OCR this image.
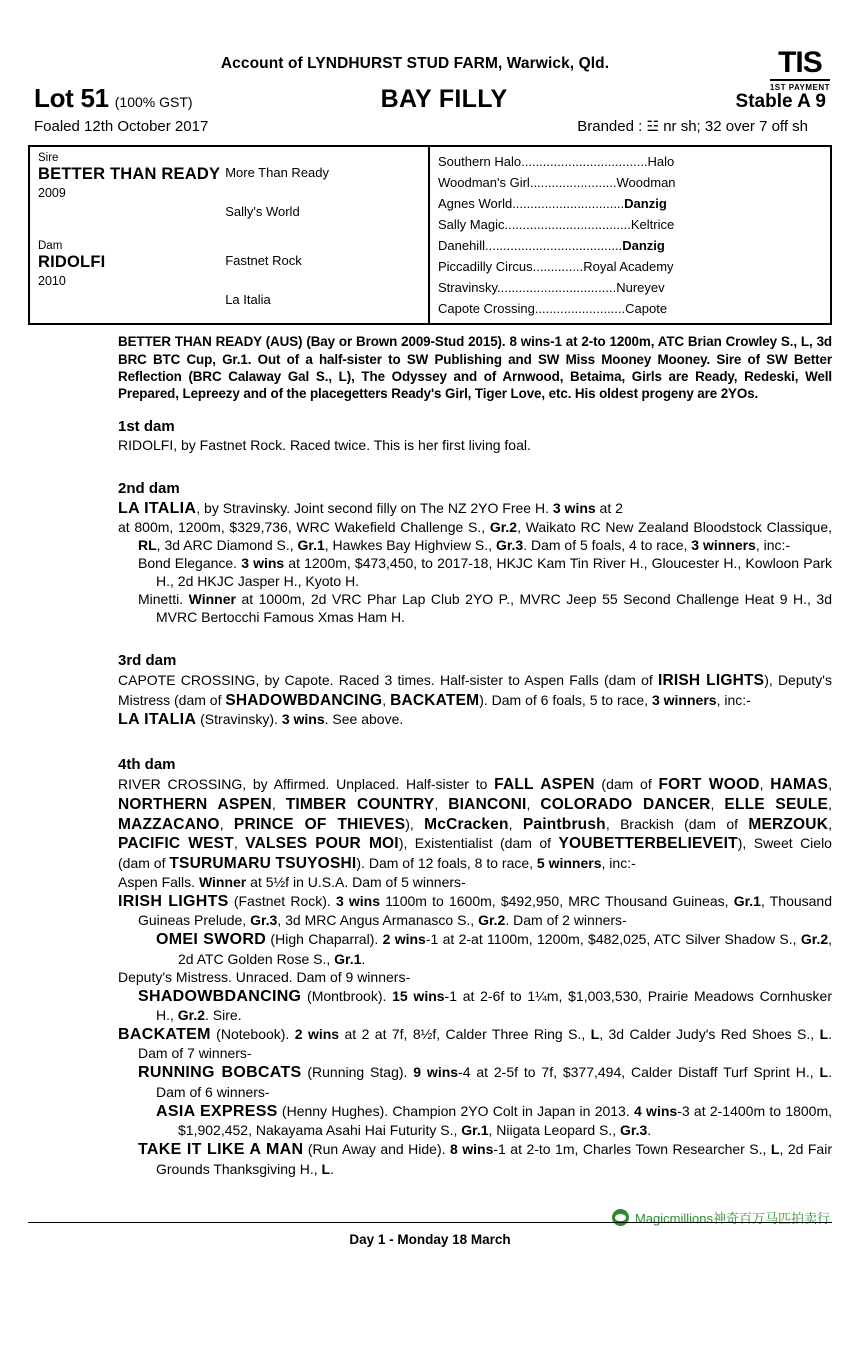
Account of LYNDHURST STUD FARM, Warwick, Qld.	TIS
1ST PAYMENT
Lot 51 (100% GST)	BAY FILLY	Stable A 9
Foaled 12th October 2017	Branded : ☳ nr sh; 32 over 7 off sh
Sire
BETTER THAN READY
2009
More Than Ready
Sally's World
Dam
RIDOLFI
2010
Fastnet Rock
La Italia
Southern Halo...................................Halo
Woodman's Girl........................Woodman
Agnes World...............................Danzig
Sally Magic...................................Keltrice
Danehill......................................Danzig
Piccadilly Circus..............Royal Academy
Stravinsky.................................Nureyev
Capote Crossing.........................Capote
BETTER THAN READY (AUS) (Bay or Brown 2009-Stud 2015). 8 wins-1 at 2-to 1200m, ATC Brian Crowley S., L, 3d BRC BTC Cup, Gr.1. Out of a half-sister to SW Publishing and SW Miss Mooney Mooney. Sire of SW Better Reflection (BRC Calaway Gal S., L), The Odyssey and of Arnwood, Betaima, Girls are Ready, Redeski, Well Prepared, Lepreezy and of the placegetters Ready's Girl, Tiger Love, etc. His oldest progeny are 2YOs.
1st dam
RIDOLFI, by Fastnet Rock. Raced twice. This is her first living foal.
2nd dam
LA ITALIA, by Stravinsky. Joint second filly on The NZ 2YO Free H. 3 wins at 2
at 800m, 1200m, $329,736, WRC Wakefield Challenge S., Gr.2, Waikato RC New Zealand Bloodstock Classique, RL, 3d ARC Diamond S., Gr.1, Hawkes Bay Highview S., Gr.3. Dam of 5 foals, 4 to race, 3 winners, inc:-
Bond Elegance. 3 wins at 1200m, $473,450, to 2017-18, HKJC Kam Tin River H., Gloucester H., Kowloon Park H., 2d HKJC Jasper H., Kyoto H.
Minetti. Winner at 1000m, 2d VRC Phar Lap Club 2YO P., MVRC Jeep 55 Second Challenge Heat 9 H., 3d MVRC Bertocchi Famous Xmas Ham H.
3rd dam
CAPOTE CROSSING, by Capote. Raced 3 times. Half-sister to Aspen Falls (dam of IRISH LIGHTS), Deputy's Mistress (dam of SHADOWBDANCING, BACKATEM). Dam of 6 foals, 5 to race, 3 winners, inc:-
LA ITALIA (Stravinsky). 3 wins. See above.
4th dam
RIVER CROSSING, by Affirmed. Unplaced. Half-sister to FALL ASPEN (dam of FORT WOOD, HAMAS, NORTHERN ASPEN, TIMBER COUNTRY, BIANCONI, COLORADO DANCER, ELLE SEULE, MAZZACANO, PRINCE OF THIEVES), McCracken, Paintbrush, Brackish (dam of MERZOUK, PACIFIC WEST, VALSES POUR MOI), Existentialist (dam of YOUBETTERBELIEVEIT), Sweet Cielo (dam of TSURUMARU TSUYOSHI). Dam of 12 foals, 8 to race, 5 winners, inc:-
Aspen Falls. Winner at 5½f in U.S.A. Dam of 5 winners-
IRISH LIGHTS (Fastnet Rock). 3 wins 1100m to 1600m, $492,950, MRC Thousand Guineas, Gr.1, Thousand Guineas Prelude, Gr.3, 3d MRC Angus Armanasco S., Gr.2. Dam of 2 winners-
OMEI SWORD (High Chaparral). 2 wins-1 at 2-at 1100m, 1200m, $482,025, ATC Silver Shadow S., Gr.2, 2d ATC Golden Rose S., Gr.1.
Deputy's Mistress. Unraced. Dam of 9 winners-
SHADOWBDANCING (Montbrook). 15 wins-1 at 2-6f to 1¼m, $1,003,530, Prairie Meadows Cornhusker H., Gr.2. Sire.
BACKATEM (Notebook). 2 wins at 2 at 7f, 8½f, Calder Three Ring S., L, 3d Calder Judy's Red Shoes S., L. Dam of 7 winners-
RUNNING BOBCATS (Running Stag). 9 wins-4 at 2-5f to 7f, $377,494, Calder Distaff Turf Sprint H., L. Dam of 6 winners-
ASIA EXPRESS (Henny Hughes). Champion 2YO Colt in Japan in 2013. 4 wins-3 at 2-1400m to 1800m, $1,902,452, Nakayama Asahi Hai Futurity S., Gr.1, Niigata Leopard S., Gr.3.
TAKE IT LIKE A MAN (Run Away and Hide). 8 wins-1 at 2-to 1m, Charles Town Researcher S., L, 2d Fair Grounds Thanksgiving H., L.
Magicmillions神奇百万马匹拍卖行
Day 1 - Monday 18 March
